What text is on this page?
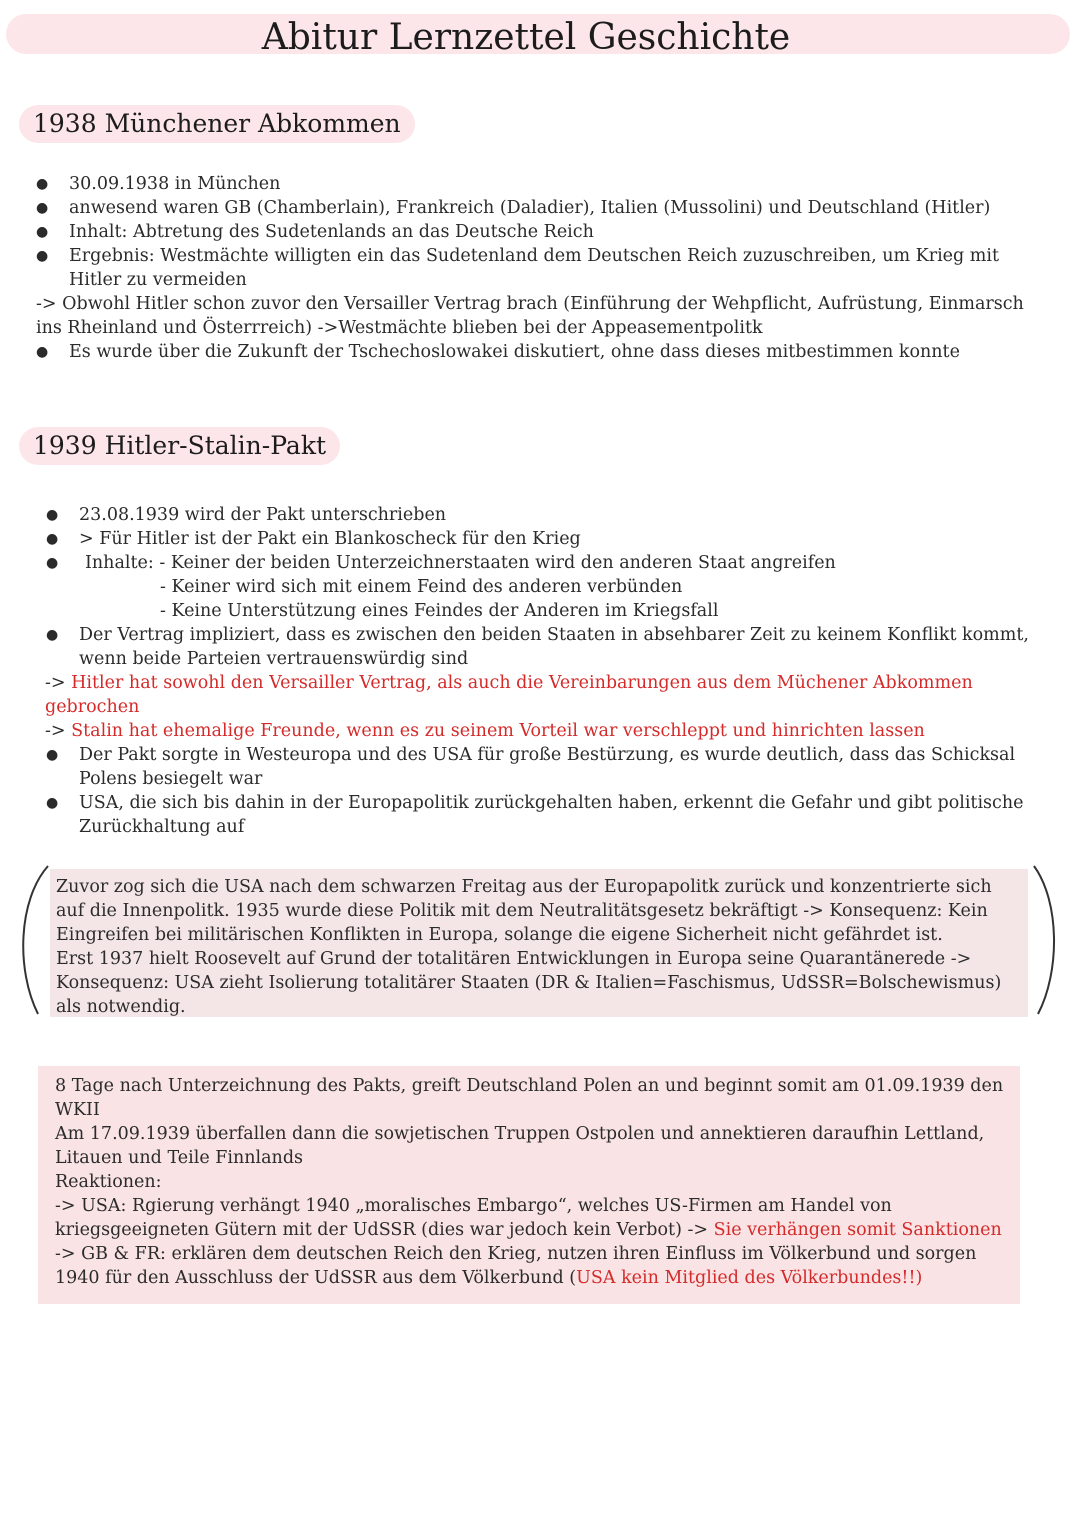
Abitur Lernzettel Geschichte
1938 Münchener Abkommen
● 30.09.1938 in München
● anwesend waren GB (Chamberlain), Frankreich (Daladier), Italien (Mussolini) und Deutschland (Hitler)
● Inhalt: Abtretung des Sudetenlands an das Deutsche Reich
● Ergebnis: Westmächte willigten ein das Sudetenland dem Deutschen Reich zuzuschreiben, um Krieg mit Hitler zu vermeiden
-> Obwohl Hitler schon zuvor den Versailler Vertrag brach (Einführung der Wehpflicht, Aufrüstung, Einmarsch ins Rheinland und Österrreich) ->Westmächte blieben bei der Appeasementpolitk
● Es wurde über die Zukunft der Tschechoslowakei diskutiert, ohne dass dieses mitbestimmen konnte
1939 Hitler-Stalin-Pakt
● 23.08.1939 wird der Pakt unterschrieben
● > Für Hitler ist der Pakt ein Blankoscheck für den Krieg
● Inhalte: - Keiner der beiden Unterzeichnerstaaten wird den anderen Staat angreifen
- Keiner wird sich mit einem Feind des anderen verbünden
- Keine Unterstützung eines Feindes der Anderen im Kriegsfall
● Der Vertrag impliziert, dass es zwischen den beiden Staaten in absehbarer Zeit zu keinem Konflikt kommt, wenn beide Parteien vertrauenswürdig sind
-> Hitler hat sowohl den Versailler Vertrag, als auch die Vereinbarungen aus dem Müchener Abkommen gebrochen
-> Stalin hat ehemalige Freunde, wenn es zu seinem Vorteil war verschleppt und hinrichten lassen
● Der Pakt sorgte in Westeuropa und des USA für große Bestürzung, es wurde deutlich, dass das Schicksal Polens besiegelt war
● USA, die sich bis dahin in der Europapolitik zurückgehalten haben, erkennt die Gefahr und gibt politische Zurückhaltung auf
Zuvor zog sich die USA nach dem schwarzen Freitag aus der Europapolitk zurück und konzentrierte sich auf die Innenpolitk. 1935 wurde diese Politik mit dem Neutralitätsgesetz bekräftigt -> Konsequenz: Kein Eingreifen bei militärischen Konflikten in Europa, solange die eigene Sicherheit nicht gefährdet ist.
Erst 1937 hielt Roosevelt auf Grund der totalitären Entwicklungen in Europa seine Quarantänerede -> Konsequenz: USA zieht Isolierung totalitärer Staaten (DR & Italien=Faschismus, UdSSR=Bolschewismus) als notwendig.
8 Tage nach Unterzeichnung des Pakts, greift Deutschland Polen an und beginnt somit am 01.09.1939 den WKII
Am 17.09.1939 überfallen dann die sowjetischen Truppen Ostpolen und annektieren daraufhin Lettland, Litauen und Teile Finnlands
Reaktionen:
-> USA: Rgierung verhängt 1940 „moralisches Embargo“, welches US-Firmen am Handel von kriegsgeeigneten Gütern mit der UdSSR (dies war jedoch kein Verbot) -> Sie verhängen somit Sanktionen
-> GB & FR: erklären dem deutschen Reich den Krieg, nutzen ihren Einfluss im Völkerbund und sorgen 1940 für den Ausschluss der UdSSR aus dem Völkerbund (USA kein Mitglied des Völkerbundes!!)
